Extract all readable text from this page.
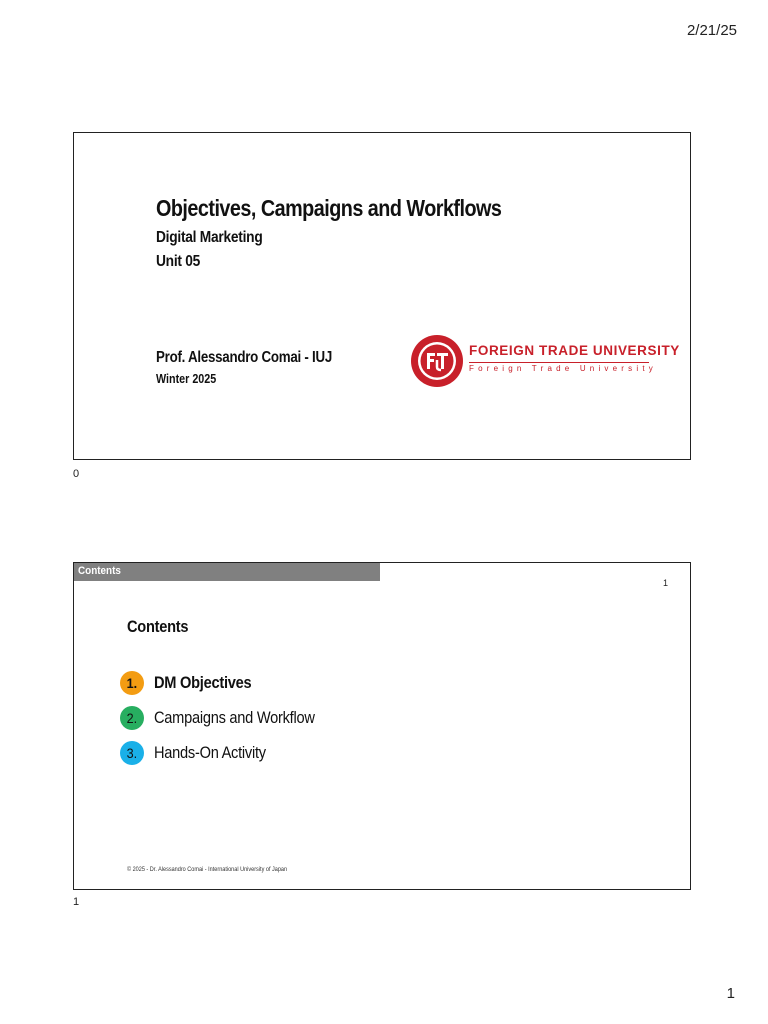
2/21/25
Objectives, Campaigns and Workflows
Digital Marketing
Unit 05
Prof. Alessandro Comai - IUJ
Winter 2025
FOREIGN TRADE UNIVERSITY
Foreign Trade University
0
Contents
1
Contents
1. DM Objectives
2. Campaigns and Workflow
3. Hands-On Activity
© 2025 - Dr. Alessandro Comai - International University of Japan
1
1
